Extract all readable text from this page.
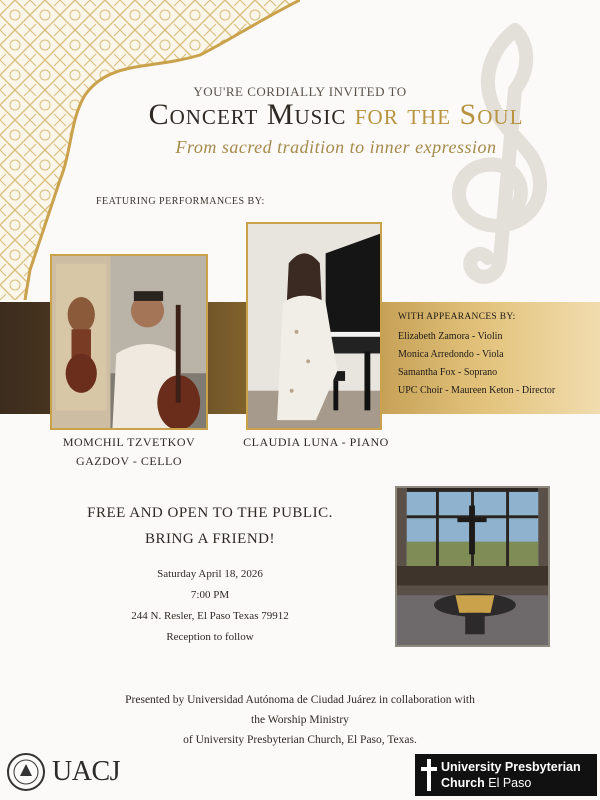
YOU'RE CORDIALLY INVITED TO
Concert Music for the Soul
From sacred tradition to inner expression
FEATURING PERFORMANCES BY:
MOMCHIL TZVETKOV
GAZDOV - CELLO
CLAUDIA LUNA - PIANO
WITH APPEARANCES BY:
Elizabeth Zamora - Violin
Monica Arredondo - Viola
Samantha Fox - Soprano
UPC Choir - Maureen Keton - Director
FREE AND OPEN TO THE PUBLIC.
BRING A FRIEND!
Saturday April 18, 2026
7:00 PM
244 N. Resler, El Paso Texas 79912
Reception to follow
Presented by Universidad Autónoma de Ciudad Juárez in collaboration with
the Worship Ministry
of University Presbyterian Church, El Paso, Texas.
UACJ	University Presbyterian
Church El Paso
